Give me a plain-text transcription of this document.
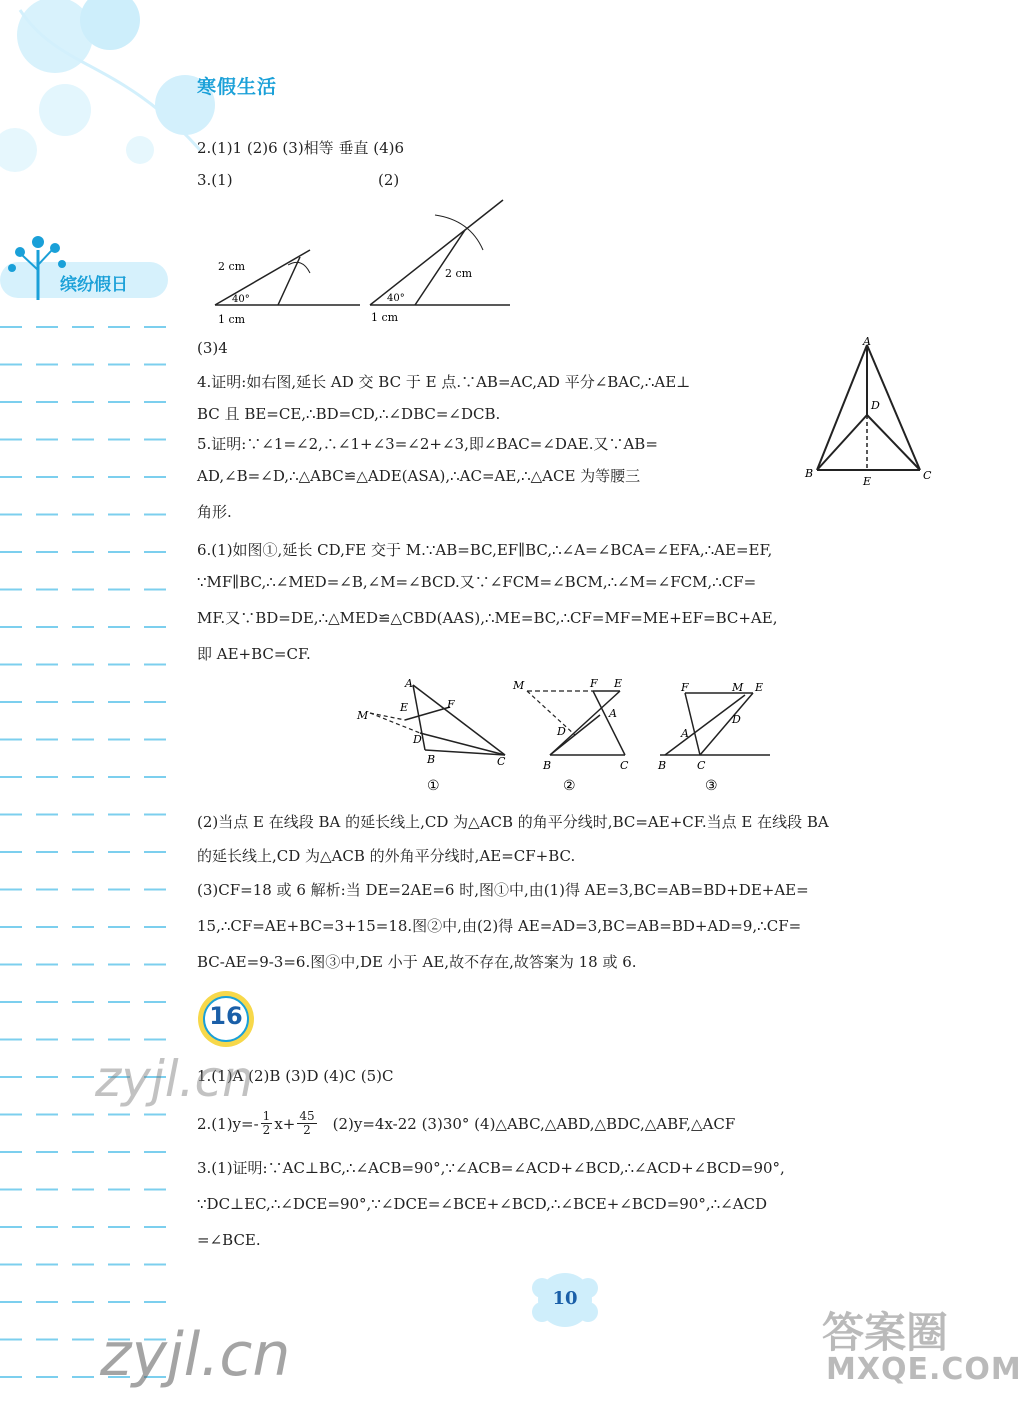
寒假生活
缤纷假日
2.(1)1 (2)6 (3)相等 垂直 (4)6
3.(1)	(2)
2 cm
40°
1 cm
2 cm
40°
1 cm
(3)4
4.证明:如右图,延长 AD 交 BC 于 E 点.∵AB=AC,AD 平分∠BAC,∴AE⊥
BC 且 BE=CE,∴BD=CD,∴∠DBC=∠DCB.
5.证明:∵∠1=∠2,∴∠1+∠3=∠2+∠3,即∠BAC=∠DAE.又∵AB=
AD,∠B=∠D,∴△ABC≌△ADE(ASA),∴AC=AE,∴△ACE 为等腰三
角形.
A
D
B	C
E
6.(1)如图①,延长 CD,FE 交于 M.∵AB=BC,EF∥BC,∴∠A=∠BCA=∠EFA,∴AE=EF,
∵MF∥BC,∴∠MED=∠B,∠M=∠BCD.又∵∠FCM=∠BCM,∴∠M=∠FCM,∴CF=
MF.又∵BD=DE,∴△MED≌△CBD(AAS),∴ME=BC,∴CF=MF=ME+EF=BC+AE,
即 AE+BC=CF.
A
E	F
M
D
B	C
①
M	F E
A
D
B	C
②
F	M E
D
A
B	C
③
(2)当点 E 在线段 BA 的延长线上,CD 为△ACB 的角平分线时,BC=AE+CF.当点 E 在线段 BA
的延长线上,CD 为△ACB 的外角平分线时,AE=CF+BC.
(3)CF=18 或 6 解析:当 DE=2AE=6 时,图①中,由(1)得 AE=3,BC=AB=BD+DE+AE=
15,∴CF=AE+BC=3+15=18.图②中,由(2)得 AE=AD=3,BC=AB=BD+AD=9,∴CF=
BC-AE=9-3=6.图③中,DE 小于 AE,故不存在,故答案为 18 或 6.
16
1.(1)A (2)B (3)D (4)C (5)C
2.(1)y=- 1
2 $x+ \frac{45}{2} (2)y=4x-22$ (3)30° (4)△ABC,△ABD,△BDC,△ABF,△ACF
3.(1)证明:∵AC⊥BC,∴∠ACB=90°,∵∠ACB=∠ACD+∠BCD,∴∠ACD+∠BCD=90°,
∵DC⊥EC,∴∠DCE=90°,∵∠DCE=∠BCE+∠BCD,∴∠BCE+∠BCD=90°,∴∠ACD
=∠BCE.
10
zyjl.cn
zyjl.cn	答案圈
MXQE.COM
